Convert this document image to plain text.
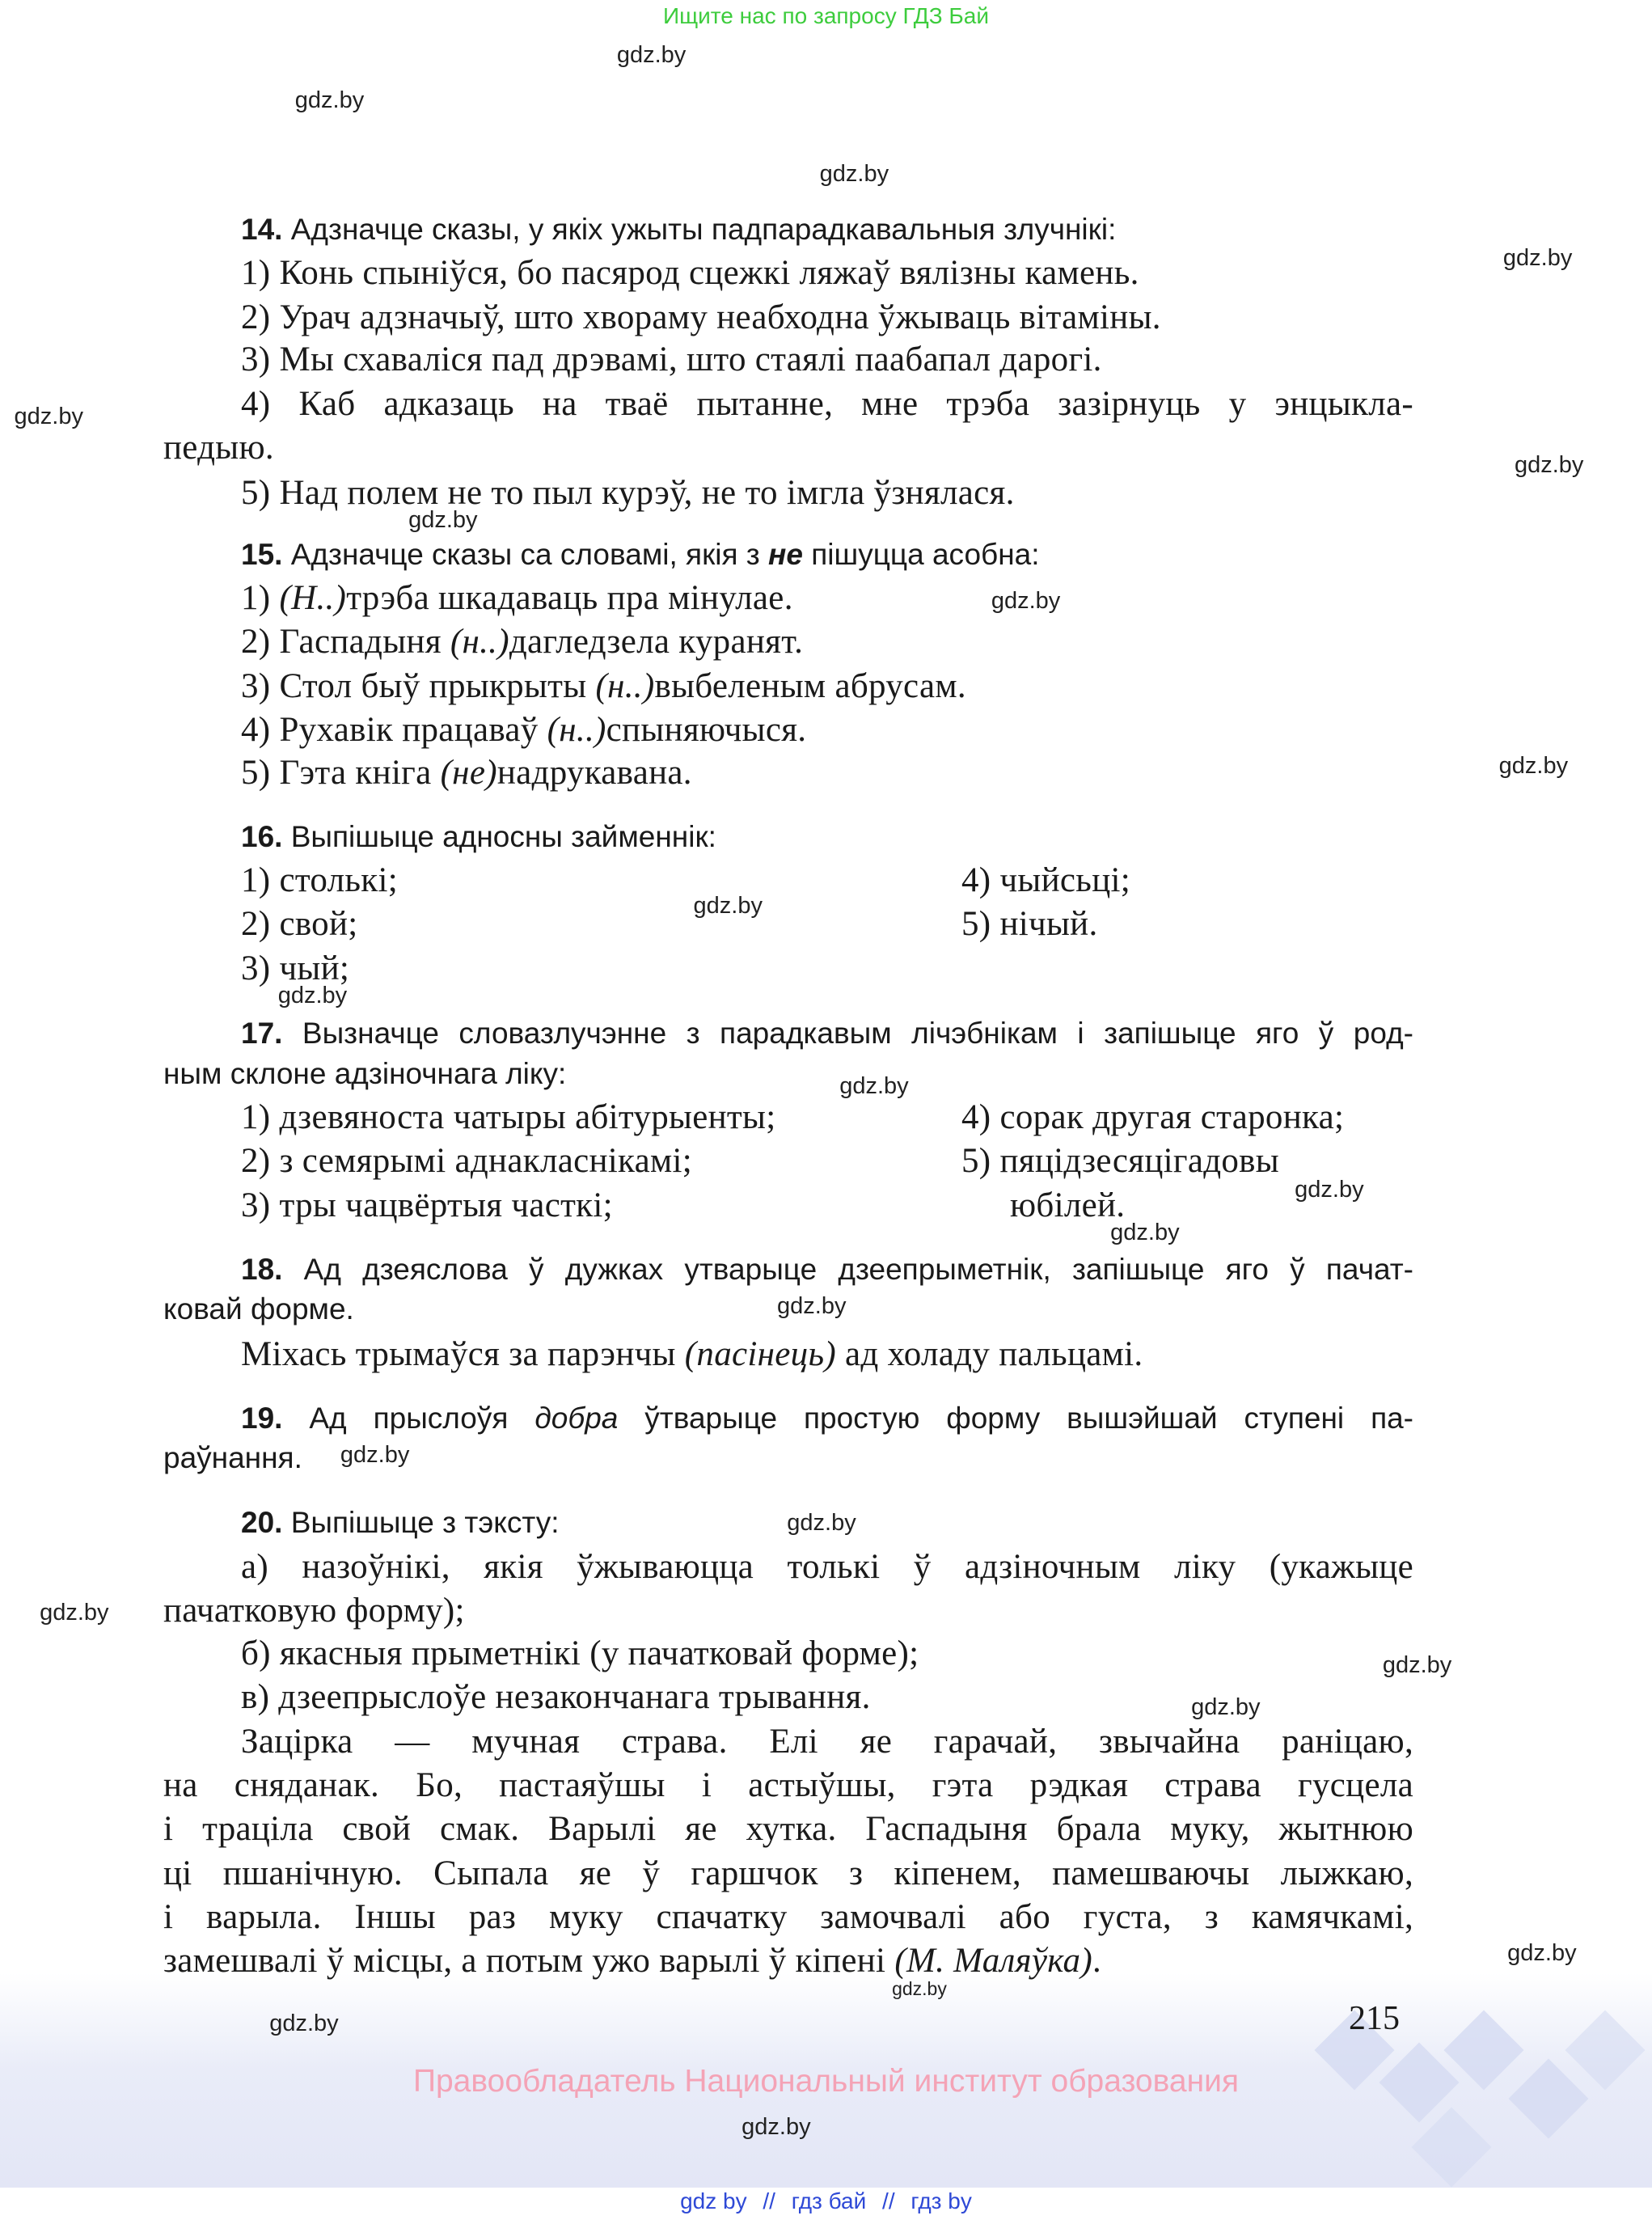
Ищите нас по запросу ГДЗ Бай
14. Адзначце сказы, у якіх ужыты падпарадкавальныя злучнікі:
1) Конь спыніўся, бо пасярод сцежкі ляжаў вялізны камень.
2) Урач адзначыў, што хвораму неабходна ўжываць вітаміны.
3) Мы схаваліся пад дрэвамі, што стаялі паабапал дарогі.
4) Каб адказаць на тваё пытанне, мне трэба зазірнуць у энцыкла-
педыю.
5) Над полем не то пыл курэў, не то імгла ўзнялася.
15. Адзначце сказы са словамі, якія з не пішуцца асобна:
1) (Н..)трэба шкадаваць пра мінулае.
2) Гаспадыня (н..)дагледзела куранят.
3) Стол быў прыкрыты (н..)выбеленым абрусам.
4) Рухавік працаваў (н..)спыняючыся.
5) Гэта кніга (не)надрукавана.
16. Выпішыце адносны займеннік:
1) столькі;	4) чыйсьці;
2) свой;	5) нічый.
3) чый;
17. Вызначце словазлучэнне з парадкавым лічэбнікам і запішыце яго ў род-
ным склоне адзіночнага ліку:
1) дзевяноста чатыры абітурыенты;	4) сорак другая старонка;
2) з семярымі аднакласнікамі;	5) пяцідзесяцігадовы
3) тры чацвёртыя часткі;	юбілей.
18. Ад дзеяслова ў дужках утварыце дзеепрыметнік, запішыце яго ў пачат-
ковай форме.
Міхась трымаўся за парэнчы (пасінець) ад холаду пальцамі.
19. Ад прыслоўя добра ўтварыце простую форму вышэйшай ступені па-
раўнання.
20. Выпішыце з тэксту:
а) назоўнікі, якія ўжываюцца толькі ў адзіночным ліку (укажыце
пачатковую форму);
б) якасныя прыметнікі (у пачатковай форме);
в) дзеепрыслоўе незакончанага трывання.
Зацірка — мучная страва. Елі яе гарачай, звычайна раніцаю,
на сняданак. Бо, пастаяўшы і астыўшы, гэта рэдкая страва гусцела
і траціла свой смак. Варылі яе хутка. Гаспадыня брала муку, жытнюю
ці пшанічную. Сыпала яе ў гаршчок з кіпенем, памешваючы лыжкаю,
і варыла. Іншы раз муку спачатку замочвалі або густа, з камячкамі,
замешвалі ў місцы, а потым ужо варылі ў кіпені (М. Маляўка).
gdz.by
gdz.by
gdz.by
gdz.by
gdz.by
gdz.by
gdz.by
gdz.by
gdz.by
gdz.by
gdz.by
gdz.by
gdz.by
gdz.by
gdz.by
gdz.by
gdz.by
gdz.by
gdz.by
gdz.by
gdz.by
gdz.by
gdz.by
gdz.by
215
Правообладатель Национальный институт образования
gdz by // гдз бай // гдз by
